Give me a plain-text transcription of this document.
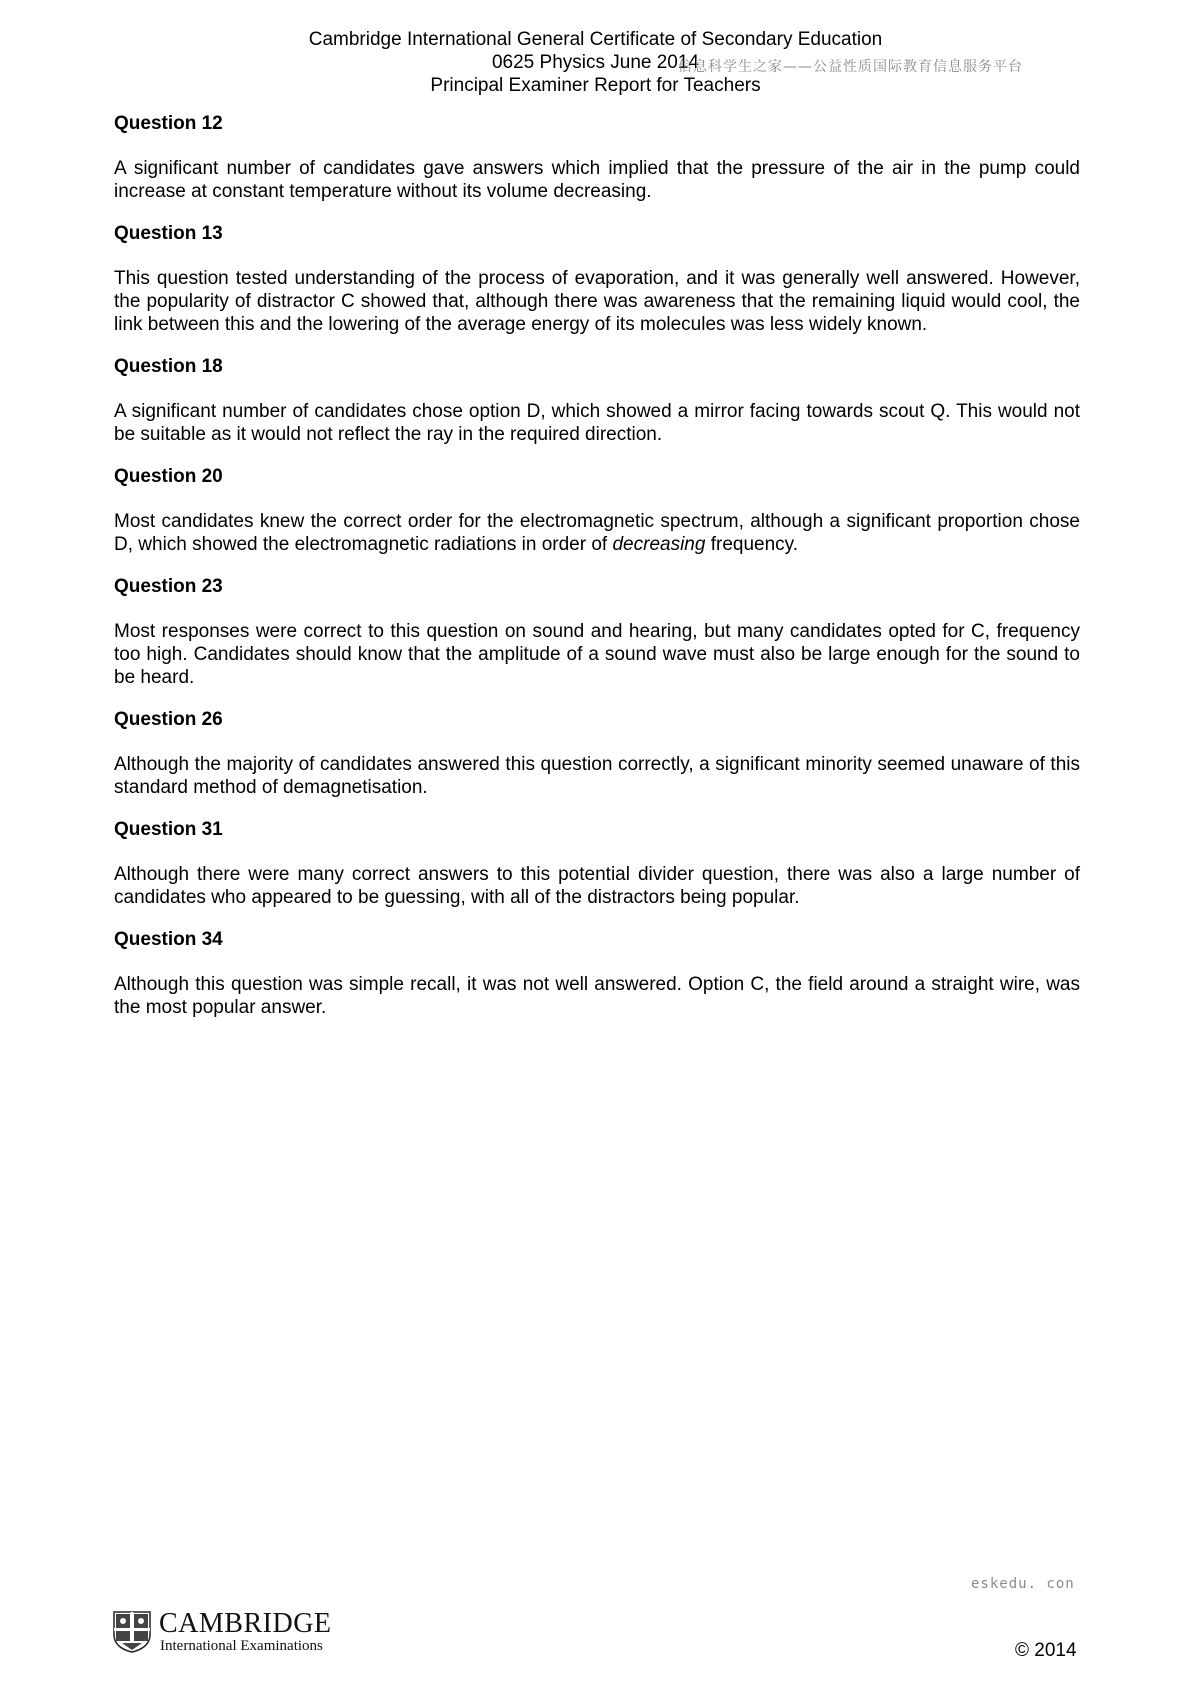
Cambridge International General Certificate of Secondary Education
0625 Physics June 2014
Principal Examiner Report for Teachers
信息科学生之家——公益性质国际教育信息服务平台
Question 12

A significant number of candidates gave answers which implied that the pressure of the air in the pump could increase at constant temperature without its volume decreasing.

Question 13

This question tested understanding of the process of evaporation, and it was generally well answered. However, the popularity of distractor C showed that, although there was awareness that the remaining liquid would cool, the link between this and the lowering of the average energy of its molecules was less widely known.

Question 18

A significant number of candidates chose option D, which showed a mirror facing towards scout Q. This would not be suitable as it would not reflect the ray in the required direction.

Question 20

Most candidates knew the correct order for the electromagnetic spectrum, although a significant proportion chose D, which showed the electromagnetic radiations in order of decreasing frequency.

Question 23

Most responses were correct to this question on sound and hearing, but many candidates opted for C, frequency too high. Candidates should know that the amplitude of a sound wave must also be large enough for the sound to be heard.

Question 26

Although the majority of candidates answered this question correctly, a significant minority seemed unaware of this standard method of demagnetisation.

Question 31

Although there were many correct answers to this potential divider question, there was also a large number of candidates who appeared to be guessing, with all of the distractors being popular.

Question 34

Although this question was simple recall, it was not well answered. Option C, the field around a straight wire, was the most popular answer.

eskedu. con
CAMBRIDGE
International Examinations	© 2014
